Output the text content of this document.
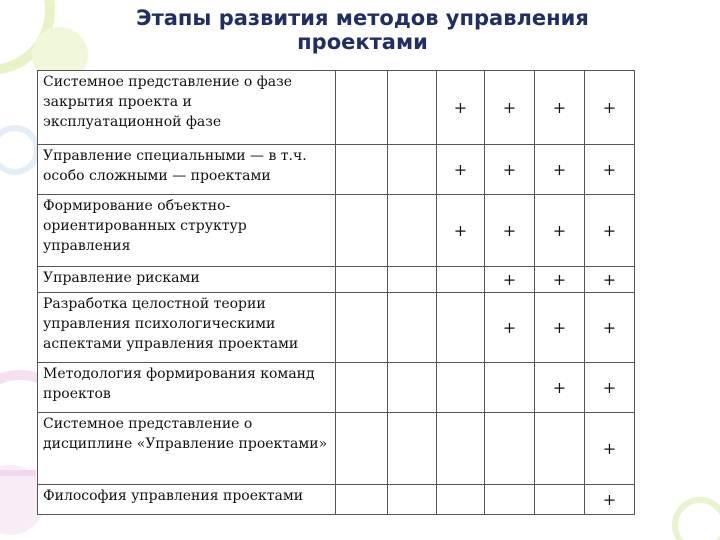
Этапы развития методов управления
проектами
Системное представление о фазе закрытия проекта и эксплуатационной фазе			+	+	+	+
Управление специальными — в т.ч. особо сложными — проектами			+	+	+	+
Формирование объектно-ориентированных структур управления			+	+	+	+
Управление рисками				+	+	+
Разработка целостной теории управления психологическими аспектами управления проектами				+	+	+
Методология формирования команд проектов					+	+
Системное представление о дисциплине «Управление проектами»						+
Философия управления проектами						+
